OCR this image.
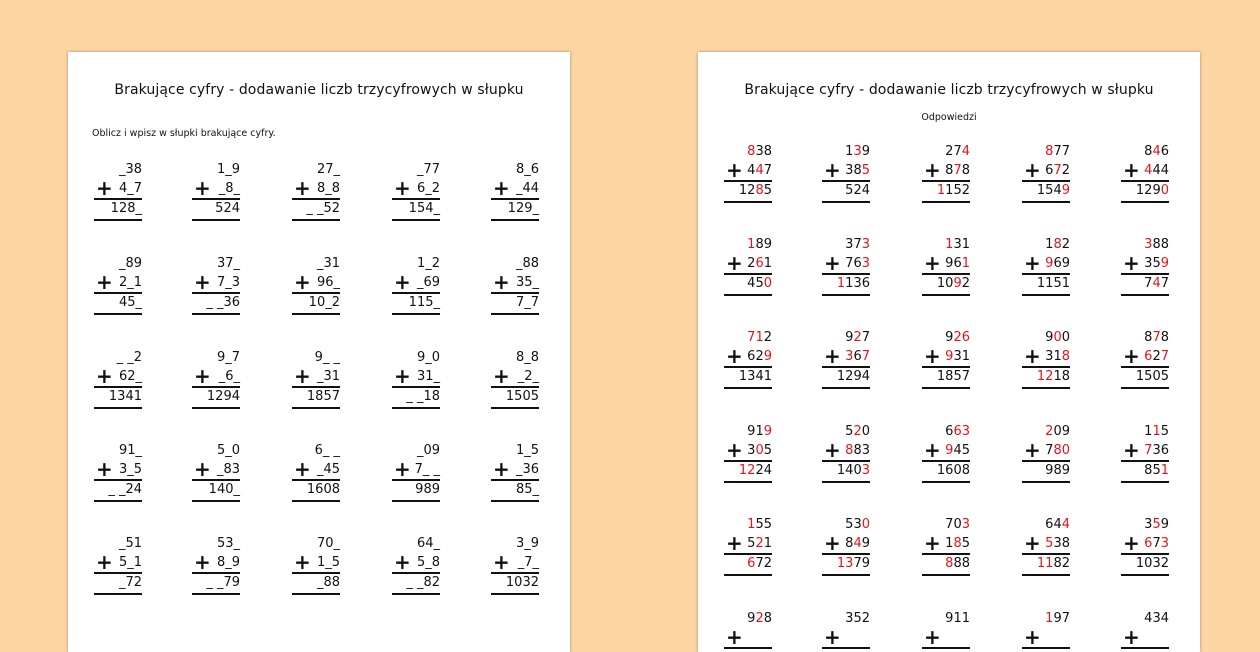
Brakujące cyfry - dodawanie liczb trzycyfrowych w słupku
Oblicz i wpisz w słupki brakujące cyfry.
+
_38
4_7
128_
+
1_9
_8_
524
+
27_
8_8
_ _52
+
_77
6_2
154_
+
8_6
_44
129_
+
_89
2_1
45_
+
37_
7_3
_ _36
+
_31
96_
10_2
+
1_2
_69
115_
+
_88
35_
7_7
+
_ _2
62_
1341
+
9_7
_6_
1294
+
9_ _
_31
1857
+
9_0
31_
_ _18
+
8_8
_2_
1505
+
91_
3_5
_ _24
+
5_0
_83
140_
+
6_ _
_45
1608
+
_09
7_ _
989
+
1_5
_36
85_
+
_51
5_1
_72
+
53_
8_9
_ _79
+
70_
1_5
_88
+
64_
5_8
_ _82
+
3_9
_7_
1032
Brakujące cyfry - dodawanie liczb trzycyfrowych w słupku
Odpowiedzi
+
838
447
1285
+
139
385
524
+
274
878
1152
+
877
672
1549
+
846
444
1290
+
189
261
450
+
373
763
1136
+
131
961
1092
+
182
969
1151
+
388
359
747
+
712
629
1341
+
927
367
1294
+
926
931
1857
+
900
318
1218
+
878
627
1505
+
919
305
1224
+
520
883
1403
+
663
945
1608
+
209
780
989
+
115
736
851
+
155
521
672
+
530
849
1379
+
703
185
888
+
644
538
1182
+
359
673
1032
+
928
+
352
+
911
+
197
+
434
